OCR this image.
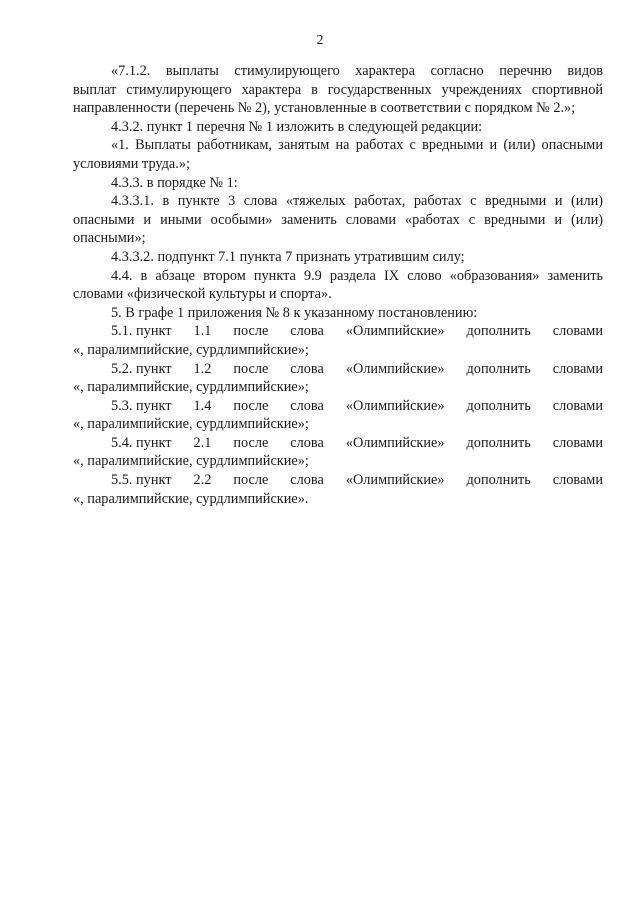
2
«7.1.2. выплаты стимулирующего характера согласно перечню видов
выплат стимулирующего характера в государственных учреждениях спортивной
направленности (перечень № 2), установленные в соответствии с порядком № 2.»;
4.3.2. пункт 1 перечня № 1 изложить в следующей редакции:
«1. Выплаты работникам, занятым на работах с вредными и (или) опасными
условиями труда.»;
4.3.3. в порядке № 1:
4.3.3.1. в пункте 3 слова «тяжелых работах, работах с вредными и (или)
опасными и иными особыми» заменить словами «работах с вредными и (или)
опасными»;
4.3.3.2. подпункт 7.1 пункта 7 признать утратившим силу;
4.4. в абзаце втором пункта 9.9 раздела IX слово «образования» заменить
словами «физической культуры и спорта».
5. В графе 1 приложения № 8 к указанному постановлению:
5.1. пункт 1.1 после слова «Олимпийские» дополнить словами
«, паралимпийские, сурдлимпийские»;
5.2. пункт 1.2 после слова «Олимпийские» дополнить словами
«, паралимпийские, сурдлимпийские»;
5.3. пункт 1.4 после слова «Олимпийские» дополнить словами
«, паралимпийские, сурдлимпийские»;
5.4. пункт 2.1 после слова «Олимпийские» дополнить словами
«, паралимпийские, сурдлимпийские»;
5.5. пункт 2.2 после слова «Олимпийские» дополнить словами
«, паралимпийские, сурдлимпийские».
